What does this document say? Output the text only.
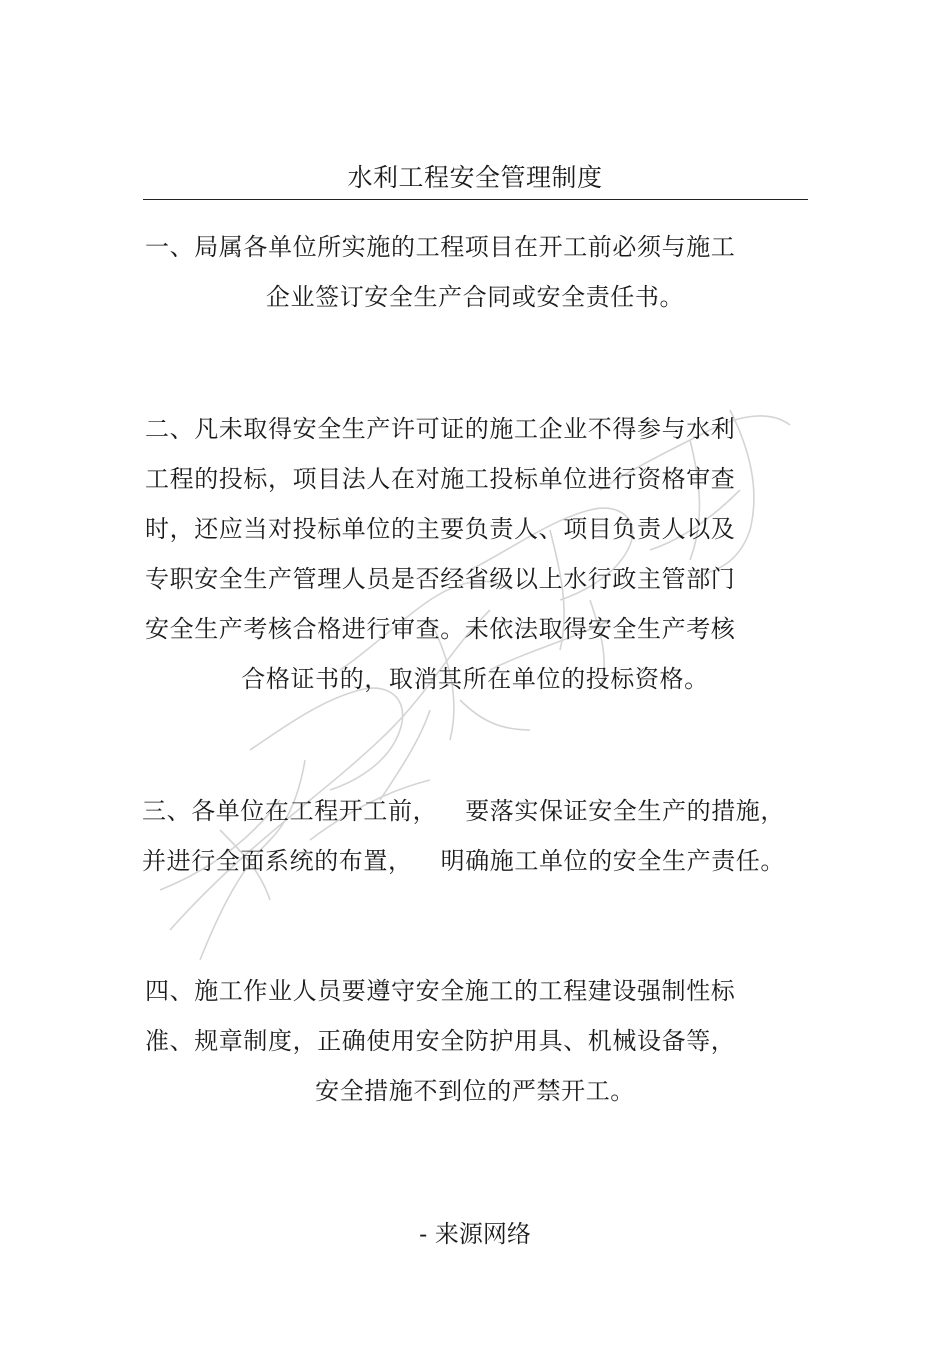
水利工程安全管理制度
一、局属各单位所实施的工程项目在开工前必须与施工
企业签订安全生产合同或安全责任书。
二、凡未取得安全生产许可证的施工企业不得参与水利
工程的投标，项目法人在对施工投标单位进行资格审查
时，还应当对投标单位的主要负责人、项目负责人以及
专职安全生产管理人员是否经省级以上水行政主管部门
安全生产考核合格进行审查。未依法取得安全生产考核
合格证书的，取消其所在单位的投标资格。
三、各单位在工程开工前， 要落实保证安全生产的措施，
并进行全面系统的布置， 明确施工单位的安全生产责任。
四、施工作业人员要遵守安全施工的工程建设强制性标
准、规章制度，正确使用安全防护用具、机械设备等，
安全措施不到位的严禁开工。
- 来源网络
